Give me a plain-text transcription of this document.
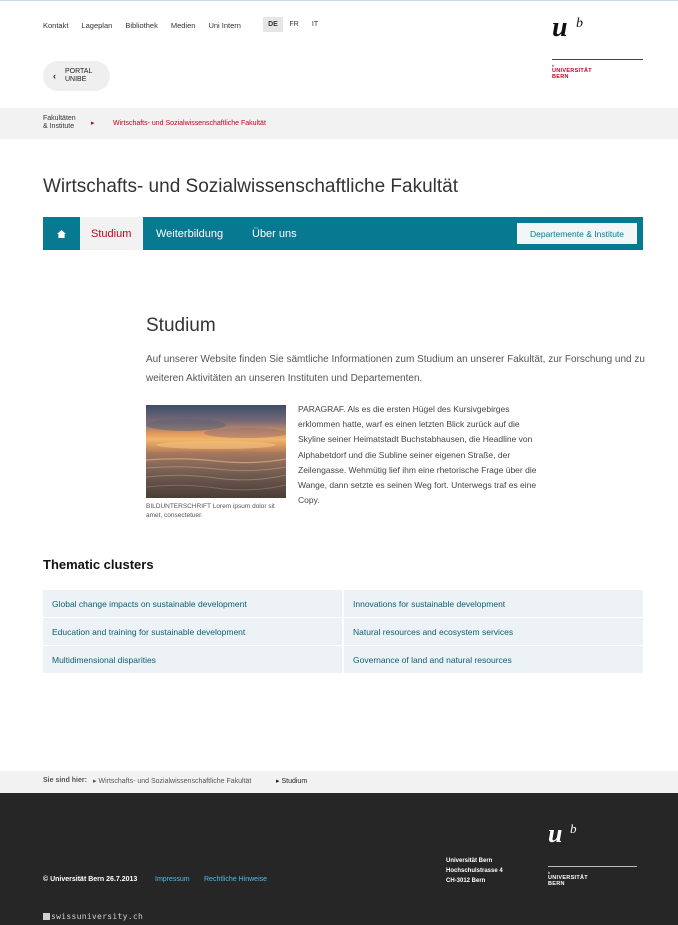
Kontakt Lageplan Bibliothek Medien Uni Intern	DE	FR	IT	u b
b
UNIVERSITÄT
BERN
‹ PORTAL
UNIBE
Fakultäten
& Institute ▸	Wirtschafts- und Sozialwissenschaftliche Fakultät
Wirtschafts- und Sozialwissenschaftliche Fakultät
Studium	Weiterbildung	Über uns	Departemente & Institute
Studium

Auf unserer Website finden Sie sämtliche Informationen zum Studium an unserer Fakultät, zur Forschung und zu weiteren Aktivitäten an unseren Instituten und Departementen.

BILDUNTERSCHRIFT Lorem ipsum dolor sit amet, consectetuer.

PARAGRAF. Als es die ersten Hügel des Kursivgebirges erklommen hatte, warf es einen letzten Blick zurück auf die Skyline seiner Heimatstadt Buchstabhausen, die Headline von Alphabetdorf und die Subline seiner eigenen Straße, der Zeilengasse. Wehmütig lief ihm eine rhetorische Frage über die Wange, dann setzte es seinen Weg fort. Unterwegs traf es eine Copy.

Thematic clusters
Global change impacts on sustainable development	Innovations for sustainable development
Education and training for sustainable development	Natural resources and ecosystem services
Multidimensional disparities	Governance of land and natural resources
Sie sind hier: ▸ Wirtschafts- und Sozialwissenschaftliche Fakultät	▸ Studium
u b
b
UNIVERSITÄT
BERN
Universität Bern
Hochschulstrasse 4
CH-3012 Bern
© Universität Bern 26.7.2013	Impressum Rechtliche Hinweise
swissuniversity.ch
